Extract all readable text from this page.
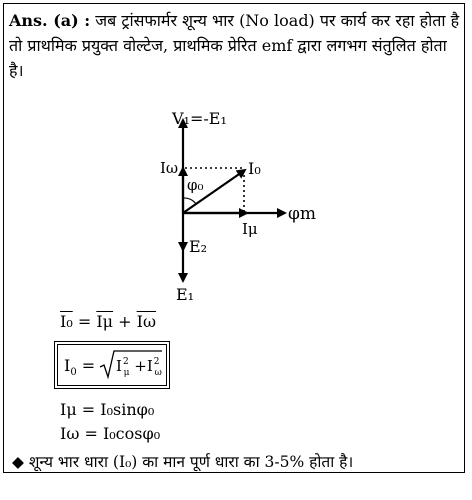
Ans. (a) : जब ट्रांसफार्मर शून्य भार (No load) पर कार्य कर रहा होता है तो प्राथमिक प्रयुक्त वोल्टेज, प्राथमिक प्रेरित emf द्वारा लगभग संतुलित होता है।
V₁=-E₁
Iω
φ₀
I₀
Iμ
φm
E₂
E₁
$I_0 = \overline{I\mu} + \overline{I\omega}$
$I_0 = I^2$ $\mu +I^2$ ω
Iμ = I₀sinφ₀
Iω = I₀cosφ₀
◆ शून्य भार धारा (I₀) का मान पूर्ण धारा का 3-5% होता है।
